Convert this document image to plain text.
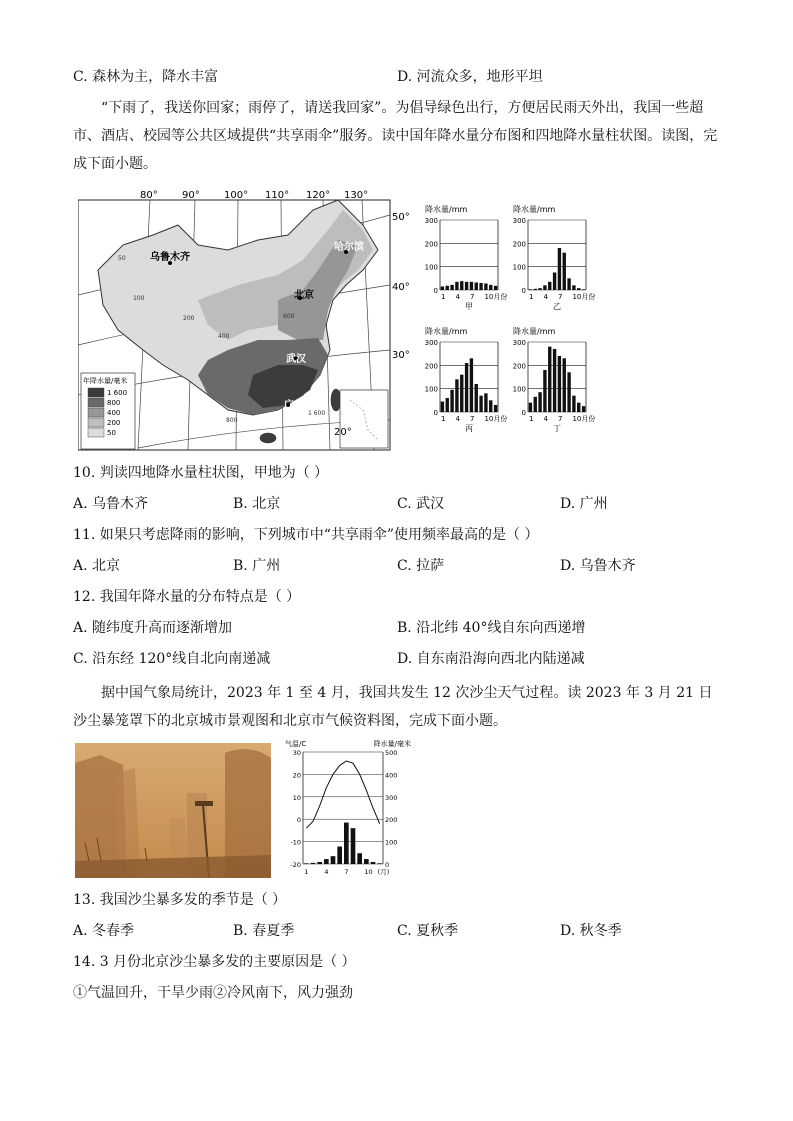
C. 森林为主，降水丰富	D. 河流众多，地形平坦
“下雨了，我送你回家；雨停了，请送我回家”。为倡导绿色出行，方便居民雨天外出，我国一些超市、酒店、校园等公共区域提供“共享雨伞”服务。读中国年降水量分布图和四地降水量柱状图。读图，完成下面小题。
80° 90° 100° 110° 120° 130°
50°
40°
30°
20°
50
100
200
400
600
800
1 600
乌鲁木齐
哈尔滨
北京
武汉
广州
年降水量/毫米
1 600
800
400
200
50
降水量/mm
0
100
200
300
1 4 7 10月份
甲
降水量/mm
0
100
200
300
1 4 7 10月份
乙
降水量/mm
0
100
200
300
1 4 7 10月份
丙
降水量/mm
0
100
200
300
1 4 7 10月份
丁
10. 判读四地降水量柱状图，甲地为（ ）
A. 乌鲁木齐	B. 北京	C. 武汉	D. 广州
11. 如果只考虑降雨的影响，下列城市中“共享雨伞”使用频率最高的是（ ）
A. 北京	B. 广州	C. 拉萨	D. 乌鲁木齐
12. 我国年降水量的分布特点是（ ）
A. 随纬度升高而逐渐增加	B. 沿北纬 40°线自东向西递增
C. 沿东经 120°线自北向南递减	D. 自东南沿海向西北内陆递减
据中国气象局统计，2023 年 1 至 4 月，我国共发生 12 次沙尘天气过程。读 2023 年 3 月 21 日沙尘暴笼罩下的北京城市景观图和北京市气候资料图，完成下面小题。
气温/C	降水量/毫米
30	500
20	400
10	300
0	200
-10	100
-20	0
1 4 7 10 (月)
13. 我国沙尘暴多发的季节是（ ）
A. 冬春季	B. 春夏季	C. 夏秋季	D. 秋冬季
14. 3 月份北京沙尘暴多发的主要原因是（ ）
①气温回升，干旱少雨②冷风南下，风力强劲
